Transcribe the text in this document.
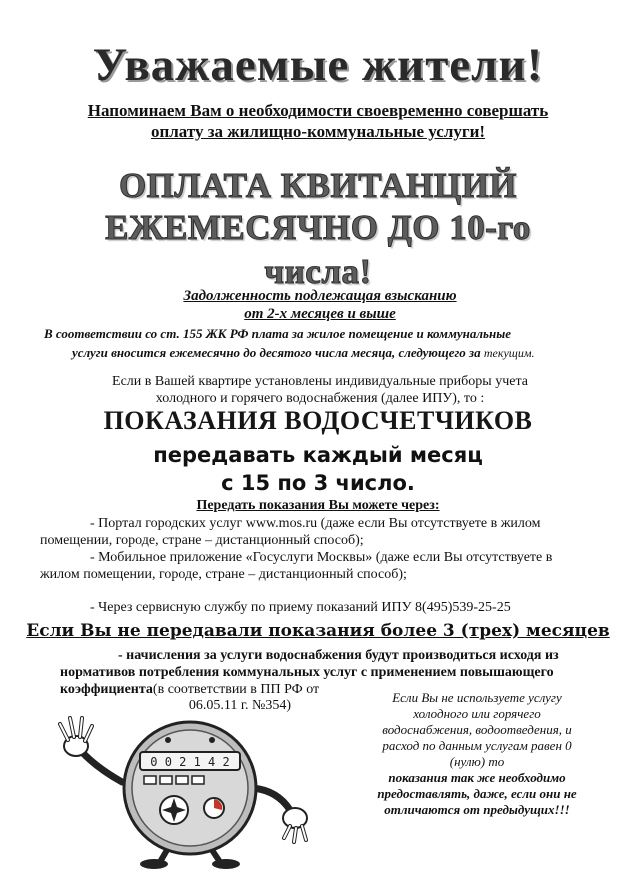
Уважаемые жители!
Напоминаем Вам о необходимости своевременно совершать
оплату за жилищно-коммунальные услуги!
ОПЛАТА КВИТАНЦИЙ
ЕЖЕМЕСЯЧНО ДО 10-го
числа!
Задолженность подлежащая взысканию
от 2-х месяцев и выше
В соответствии со ст. 155 ЖК РФ плата за жилое помещение и коммунальные
услуги вносится ежемесячно до десятого числа месяца, следующего за текущим.
Если в Вашей квартире установлены индивидуальные приборы учета
холодного и горячего водоснабжения (далее ИПУ), то :
ПОКАЗАНИЯ ВОДОСЧЕТЧИКОВ
передавать каждый месяц
с 15 по 3 число.
Передать показания Вы можете через:
- Портал городских услуг www.mos.ru (даже если Вы отсутствуете в жилом
помещении, городе, стране – дистанционный способ);
- Мобильное приложение «Госуслуги Москвы» (даже если Вы отсутствуете в
жилом помещении, городе, стране – дистанционный способ);
- Через сервисную службу по приему показаний ИПУ 8(495)539-25-25
Если Вы не передавали показания более 3 (трех) месяцев
- начисления за услуги водоснабжения будут производиться исходя из
нормативов потребления коммунальных услуг с применением повышающего
коэффициента(в соответствии в ПП РФ от
06.05.11 г. №354)
Если Вы не используете услугу
холодного или горячего
водоснабжения, водоотведения, и
расход по данным услугам равен 0
(нулю) то
показания так же необходимо
предоставлять, даже, если они не
отличаются от предыдущих!!!
0 0 2 1 4 2
